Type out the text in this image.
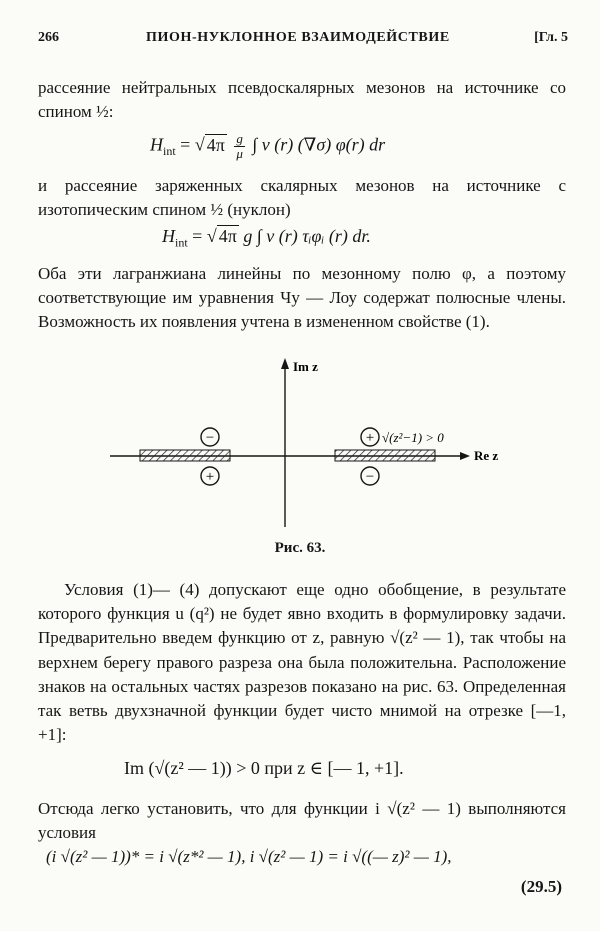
266	ПИОН-НУКЛОННОЕ ВЗАИМОДЕЙСТВИЕ	[Гл. 5

рассеяние нейтральных псевдоскалярных мезонов на источнике со спином ½:

$H_{int}$ = √ $4\pi \frac{g}{\mu}$ ∫ v (r) (∇σ) φ(r) dr

и рассеяние заряженных скалярных мезонов на источнике с изотопическим спином ½ (нуклон)

$H_{int}$ = √ 4π g ∫ v (r) τᵢφᵢ (r) dr.

Оба эти лагранжиана линейны по мезонному полю φ, а поэтому соответствующие им уравнения Чу — Лоу содержат полюсные члены. Возможность их появления учтена в измененном свойстве (1).

Im z
Re z
−
+
+ √(z²−1) > 0
−
Рис. 63.

Условия (1)— (4) допускают еще одно обобщение, в результате которого функция u (q²) не будет явно входить в формулировку задачи. Предварительно введем функцию от z, равную √(z² — 1), так чтобы на верхнем берегу правого разреза она была положительна. Расположение знаков на остальных частях разрезов показано на рис. 63. Определенная так ветвь двухзначной функции будет чисто мнимой на отрезке [—1, +1]:

Im (√(z² — 1)) > 0 при z ∈ [— 1, +1].

Отсюда легко установить, что для функции i √(z² — 1) выполняются условия

(i √(z² — 1))* = i √(z*² — 1), i √(z² — 1) = i √((— z)² — 1),
(29.5)
